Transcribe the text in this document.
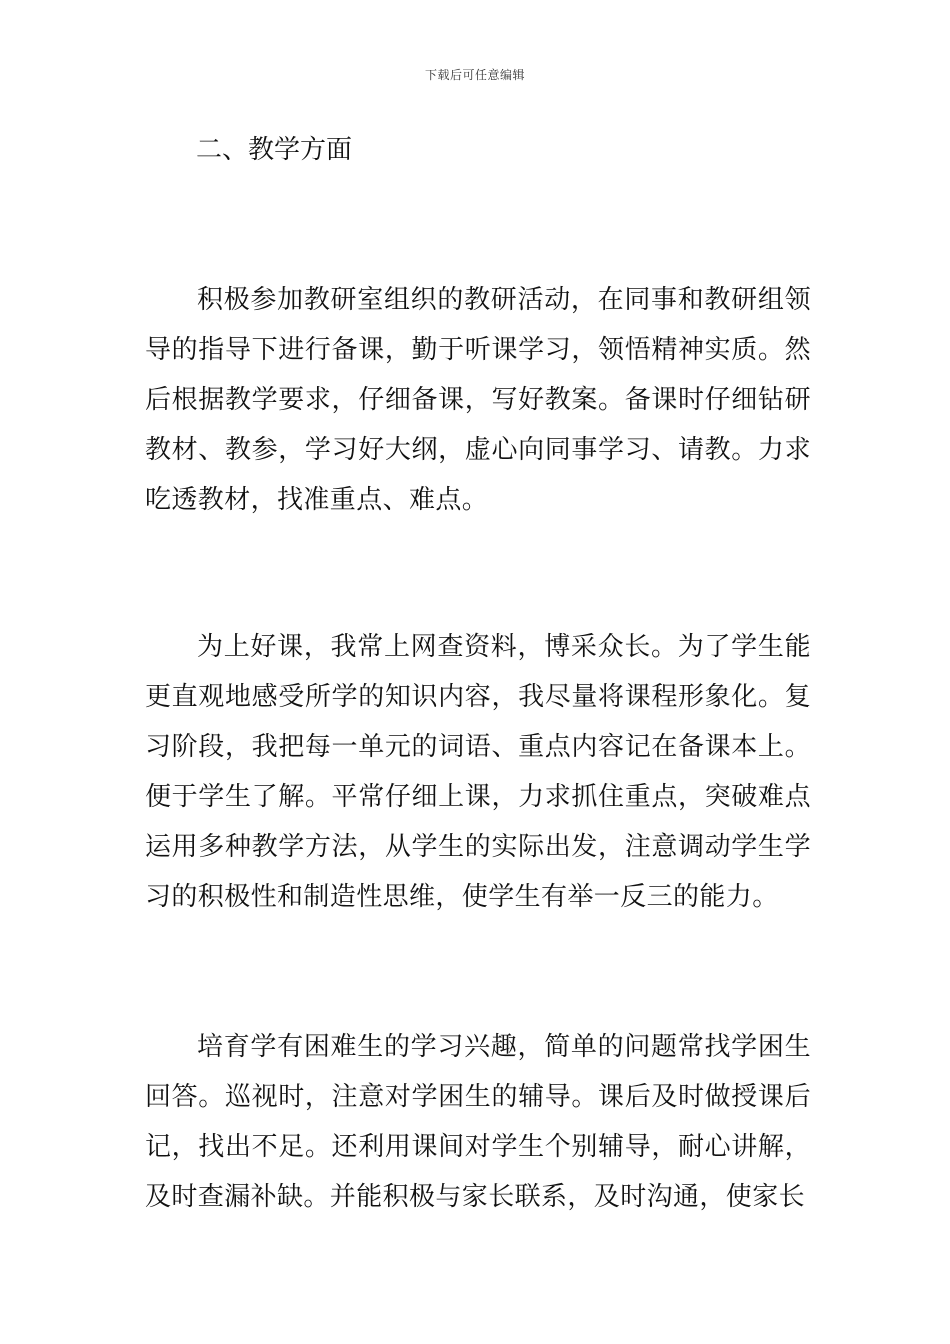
下载后可任意编辑
二、教学方面

积极参加教研室组织的教研活动，在同事和教研组领导的指导下进行备课，勤于听课学习，领悟精神实质。然后根据教学要求，仔细备课，写好教案。备课时仔细钻研教材、教参，学习好大纲，虚心向同事学习、请教。力求吃透教材，找准重点、难点。

为上好课，我常上网查资料，博采众长。为了学生能更直观地感受所学的知识内容，我尽量将课程形象化。复习阶段，我把每一单元的词语、重点内容记在备课本上。便于学生了解。平常仔细上课，力求抓住重点，突破难点运用多种教学方法，从学生的实际出发，注意调动学生学习的积极性和制造性思维，使学生有举一反三的能力。

培育学有困难生的学习兴趣，简单的问题常找学困生回答。巡视时，注意对学困生的辅导。课后及时做授课后记，找出不足。还利用课间对学生个别辅导，耐心讲解，及时查漏补缺。并能积极与家长联系，及时沟通，使家长
